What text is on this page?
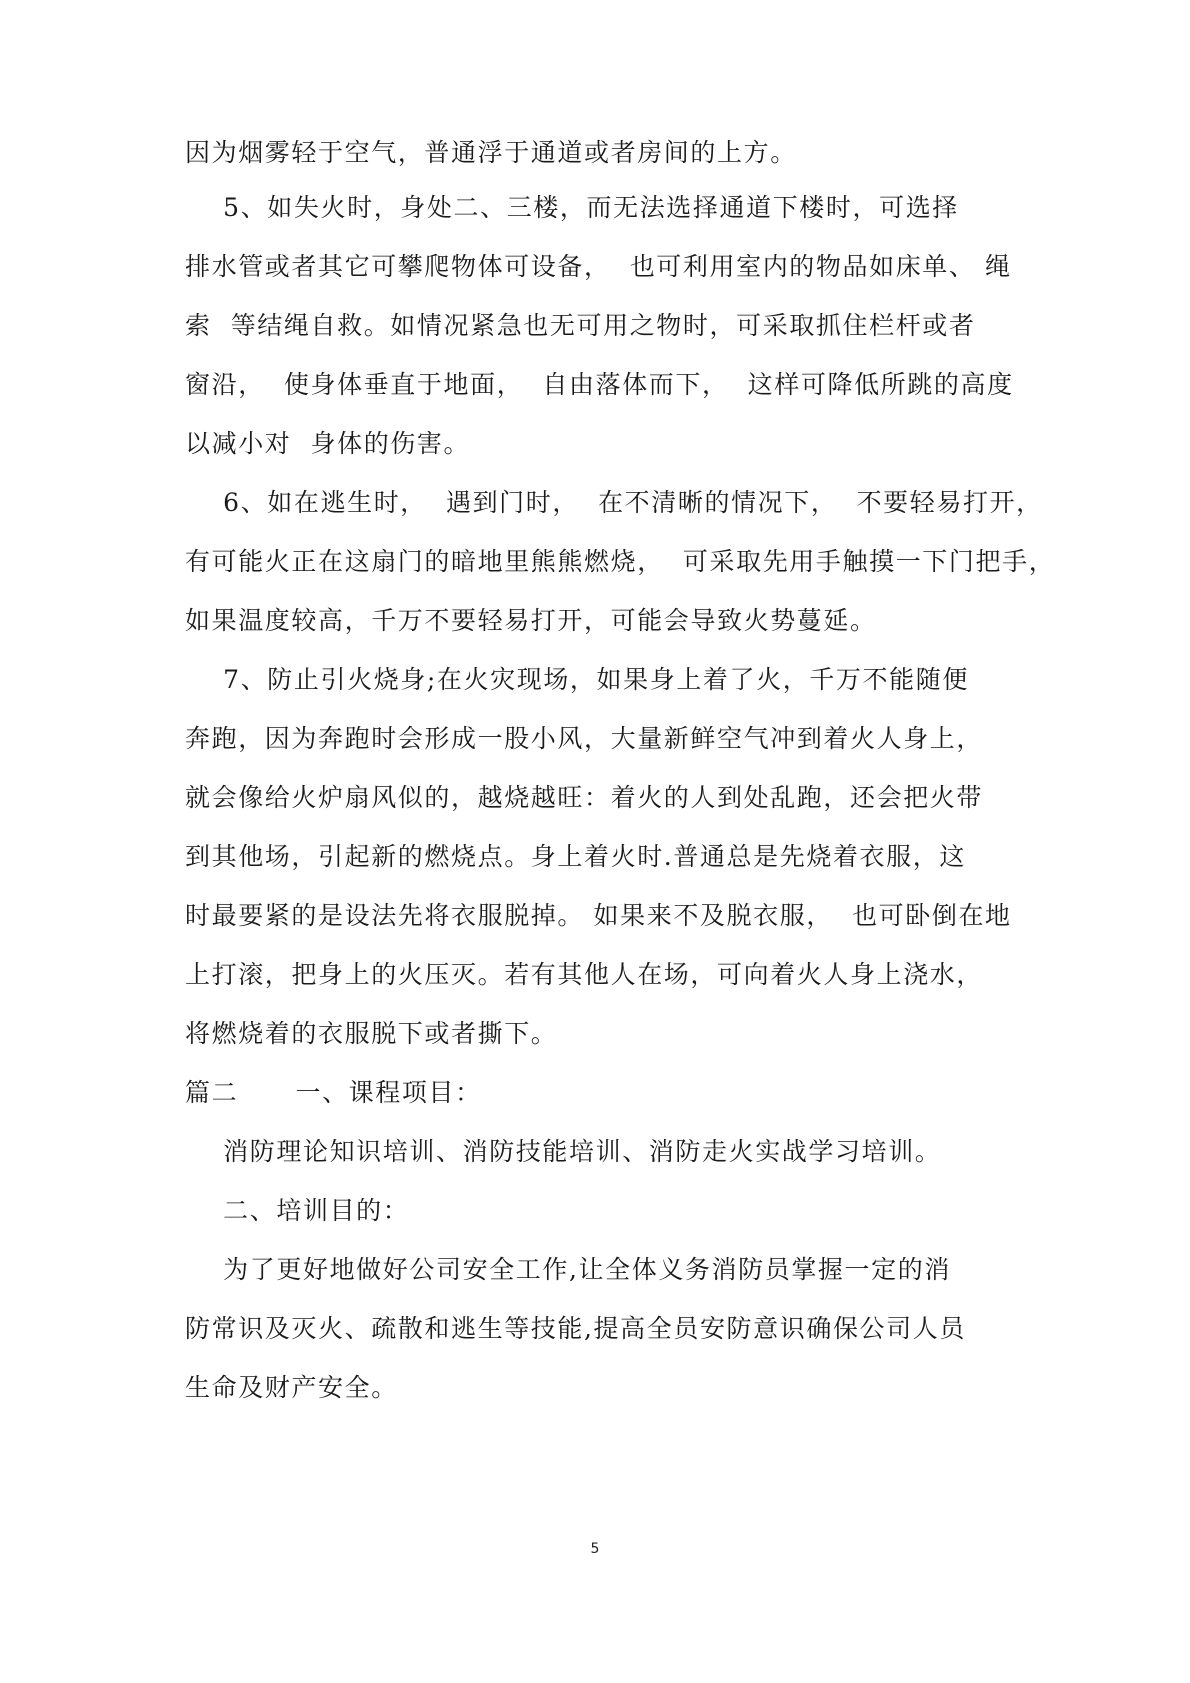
因为烟雾轻于空气，普通浮于通道或者房间的上方。
5、如失火时，身处二、三楼，而无法选择通道下楼时，可选择
排水管或者其它可攀爬物体可设备，  也可利用室内的物品如床单、 绳
索  等结绳自救。如情况紧急也无可用之物时，可采取抓住栏杆或者
窗沿，  使身体垂直于地面，  自由落体而下，  这样可降低所跳的高度
以减小对  身体的伤害。
6、如在逃生时，  遇到门时，  在不清晰的情况下，  不要轻易打开，
有可能火正在这扇门的暗地里熊熊燃烧，  可采取先用手触摸一下门把手，
如果温度较高，千万不要轻易打开，可能会导致火势蔓延。
7、防止引火烧身;在火灾现场，如果身上着了火，千万不能随便
奔跑，因为奔跑时会形成一股小风，大量新鲜空气冲到着火人身上，
就会像给火炉扇风似的，越烧越旺：着火的人到处乱跑，还会把火带
到其他场，引起新的燃烧点。身上着火时.普通总是先烧着衣服，这
时最要紧的是设法先将衣服脱掉。 如果来不及脱衣服，  也可卧倒在地
上打滚，把身上的火压灭。若有其他人在场，可向着火人身上浇水，
将燃烧着的衣服脱下或者撕下。
篇二      一、课程项目：
消防理论知识培训、消防技能培训、消防走火实战学习培训。
二、培训目的：
为了更好地做好公司安全工作,让全体义务消防员掌握一定的消
防常识及灭火、疏散和逃生等技能,提高全员安防意识确保公司人员
生命及财产安全。
5
